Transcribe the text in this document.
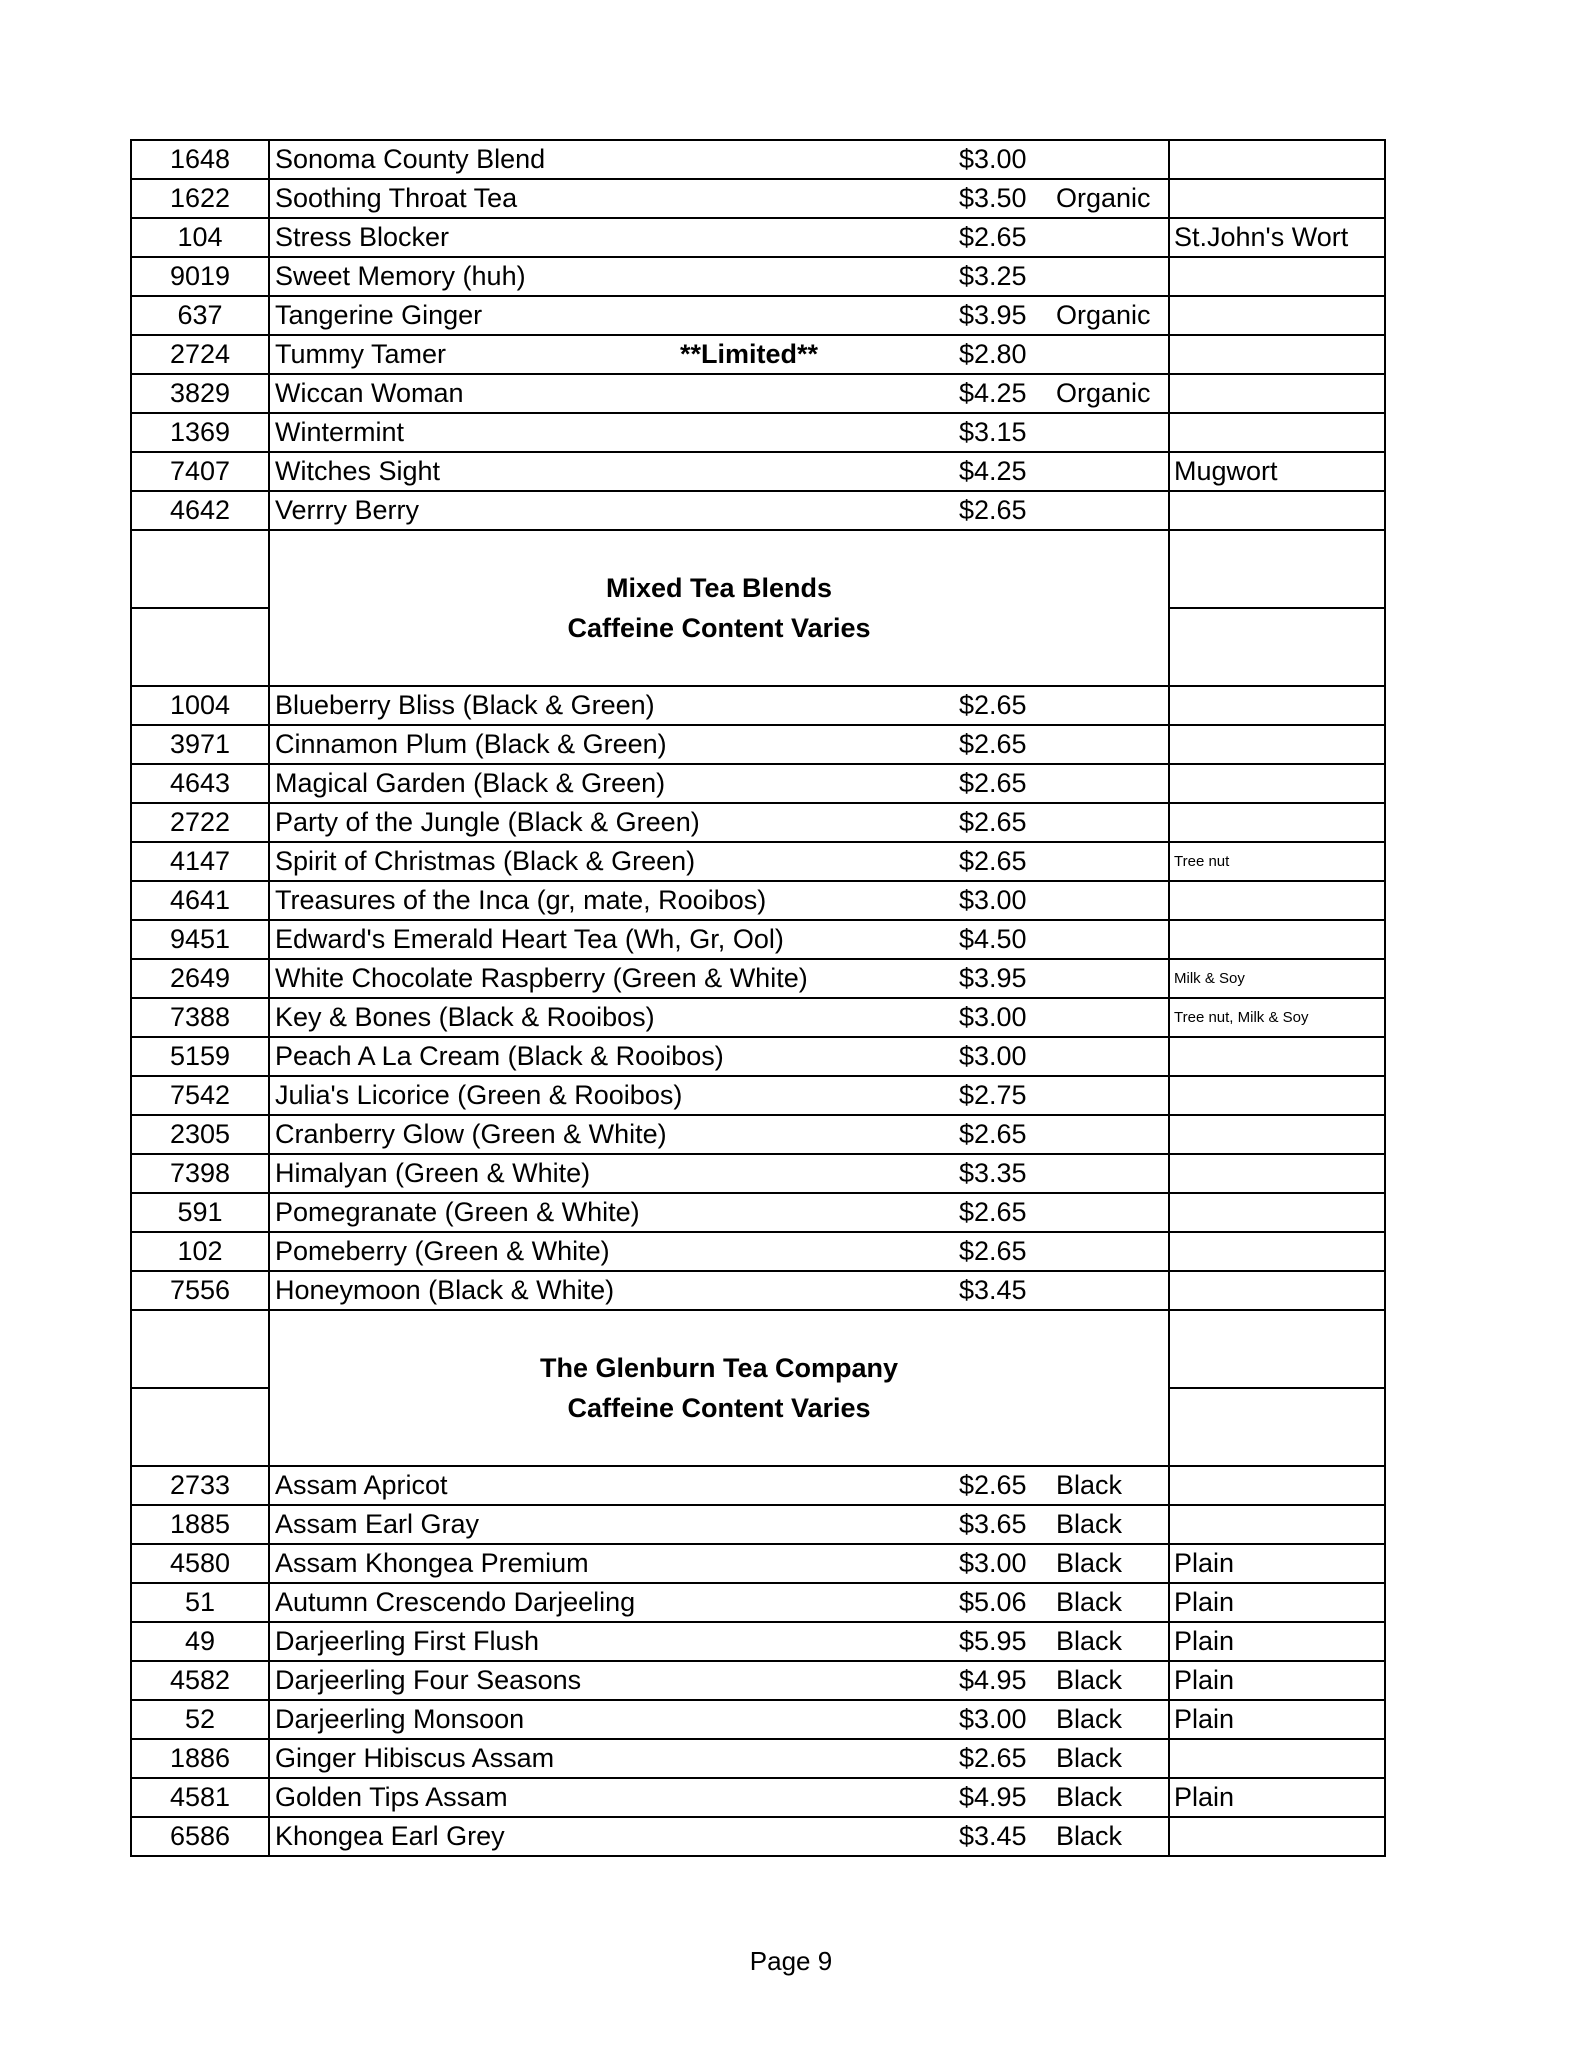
1648	Sonoma County Blend	$3.00		
1622	Soothing Throat Tea	$3.50	Organic	
104	Stress Blocker	$2.65		St.John's Wort
9019	Sweet Memory (huh)	$3.25		
637	Tangerine Ginger	$3.95	Organic	
2724	Tummy Tamer **Limited**	$2.80		
3829	Wiccan Woman	$4.25	Organic	
1369	Wintermint	$3.15		
7407	Witches Sight	$4.25		Mugwort
4642	Verrry Berry	$2.65		

	Mixed Tea Blends
Caffeine Content Varies			

1004	Blueberry Bliss (Black & Green)	$2.65		
3971	Cinnamon Plum (Black & Green)	$2.65		
4643	Magical Garden (Black & Green)	$2.65		
2722	Party of the Jungle (Black & Green)	$2.65		
4147	Spirit of Christmas (Black & Green)	$2.65		Tree nut
4641	Treasures of the Inca (gr, mate, Rooibos)	$3.00		
9451	Edward's Emerald Heart Tea (Wh, Gr, Ool)	$4.50		
2649	White Chocolate Raspberry (Green & White)	$3.95		Milk & Soy
7388	Key & Bones (Black & Rooibos)	$3.00		Tree nut, Milk & Soy
5159	Peach A La Cream (Black & Rooibos)	$3.00		
7542	Julia's Licorice (Green & Rooibos)	$2.75		
2305	Cranberry Glow (Green & White)	$2.65		
7398	Himalyan (Green & White)	$3.35		
591	Pomegranate (Green & White)	$2.65		
102	Pomeberry (Green & White)	$2.65		
7556	Honeymoon (Black & White)	$3.45		

	The Glenburn Tea Company
Caffeine Content Varies			

2733	Assam Apricot	$2.65	Black	
1885	Assam Earl Gray	$3.65	Black	
4580	Assam Khongea Premium	$3.00	Black	Plain
51	Autumn Crescendo Darjeeling	$5.06	Black	Plain
49	Darjeerling First Flush	$5.95	Black	Plain
4582	Darjeerling Four Seasons	$4.95	Black	Plain
52	Darjeerling Monsoon	$3.00	Black	Plain
1886	Ginger Hibiscus Assam	$2.65	Black	
4581	Golden Tips Assam	$4.95	Black	Plain
6586	Khongea Earl Grey	$3.45	Black	
Page 9
